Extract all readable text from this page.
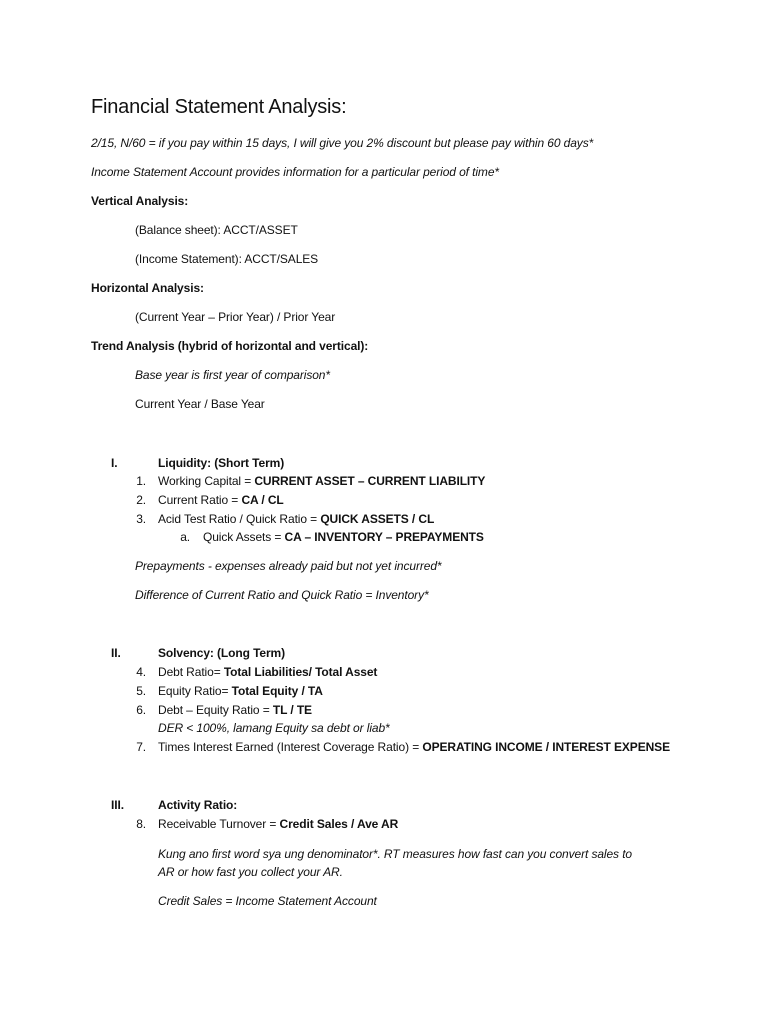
Financial Statement Analysis:
2/15, N/60 = if you pay within 15 days, I will give you 2% discount but please pay within 60 days*
Income Statement Account provides information for a particular period of time*
Vertical Analysis:
(Balance sheet): ACCT/ASSET
(Income Statement): ACCT/SALES
Horizontal Analysis:
(Current Year – Prior Year) / Prior Year
Trend Analysis (hybrid of horizontal and vertical):
Base year is first year of comparison*
Current Year / Base Year
I.	Liquidity: (Short Term)
1. Working Capital = CURRENT ASSET – CURRENT LIABILITY
2. Current Ratio = CA / CL
3. Acid Test Ratio / Quick Ratio = QUICK ASSETS / CL
a. Quick Assets = CA – INVENTORY – PREPAYMENTS
Prepayments - expenses already paid but not yet incurred*
Difference of Current Ratio and Quick Ratio = Inventory*
II.	Solvency: (Long Term)
4. Debt Ratio= Total Liabilities/ Total Asset
5. Equity Ratio= Total Equity / TA
6. Debt – Equity Ratio = TL / TE
DER < 100%, lamang Equity sa debt or liab*
7. Times Interest Earned (Interest Coverage Ratio) = OPERATING INCOME / INTEREST EXPENSE
III.	Activity Ratio:
8. Receivable Turnover = Credit Sales / Ave AR
Kung ano first word sya ung denominator*. RT measures how fast can you convert sales to
AR or how fast you collect your AR.
Credit Sales = Income Statement Account
